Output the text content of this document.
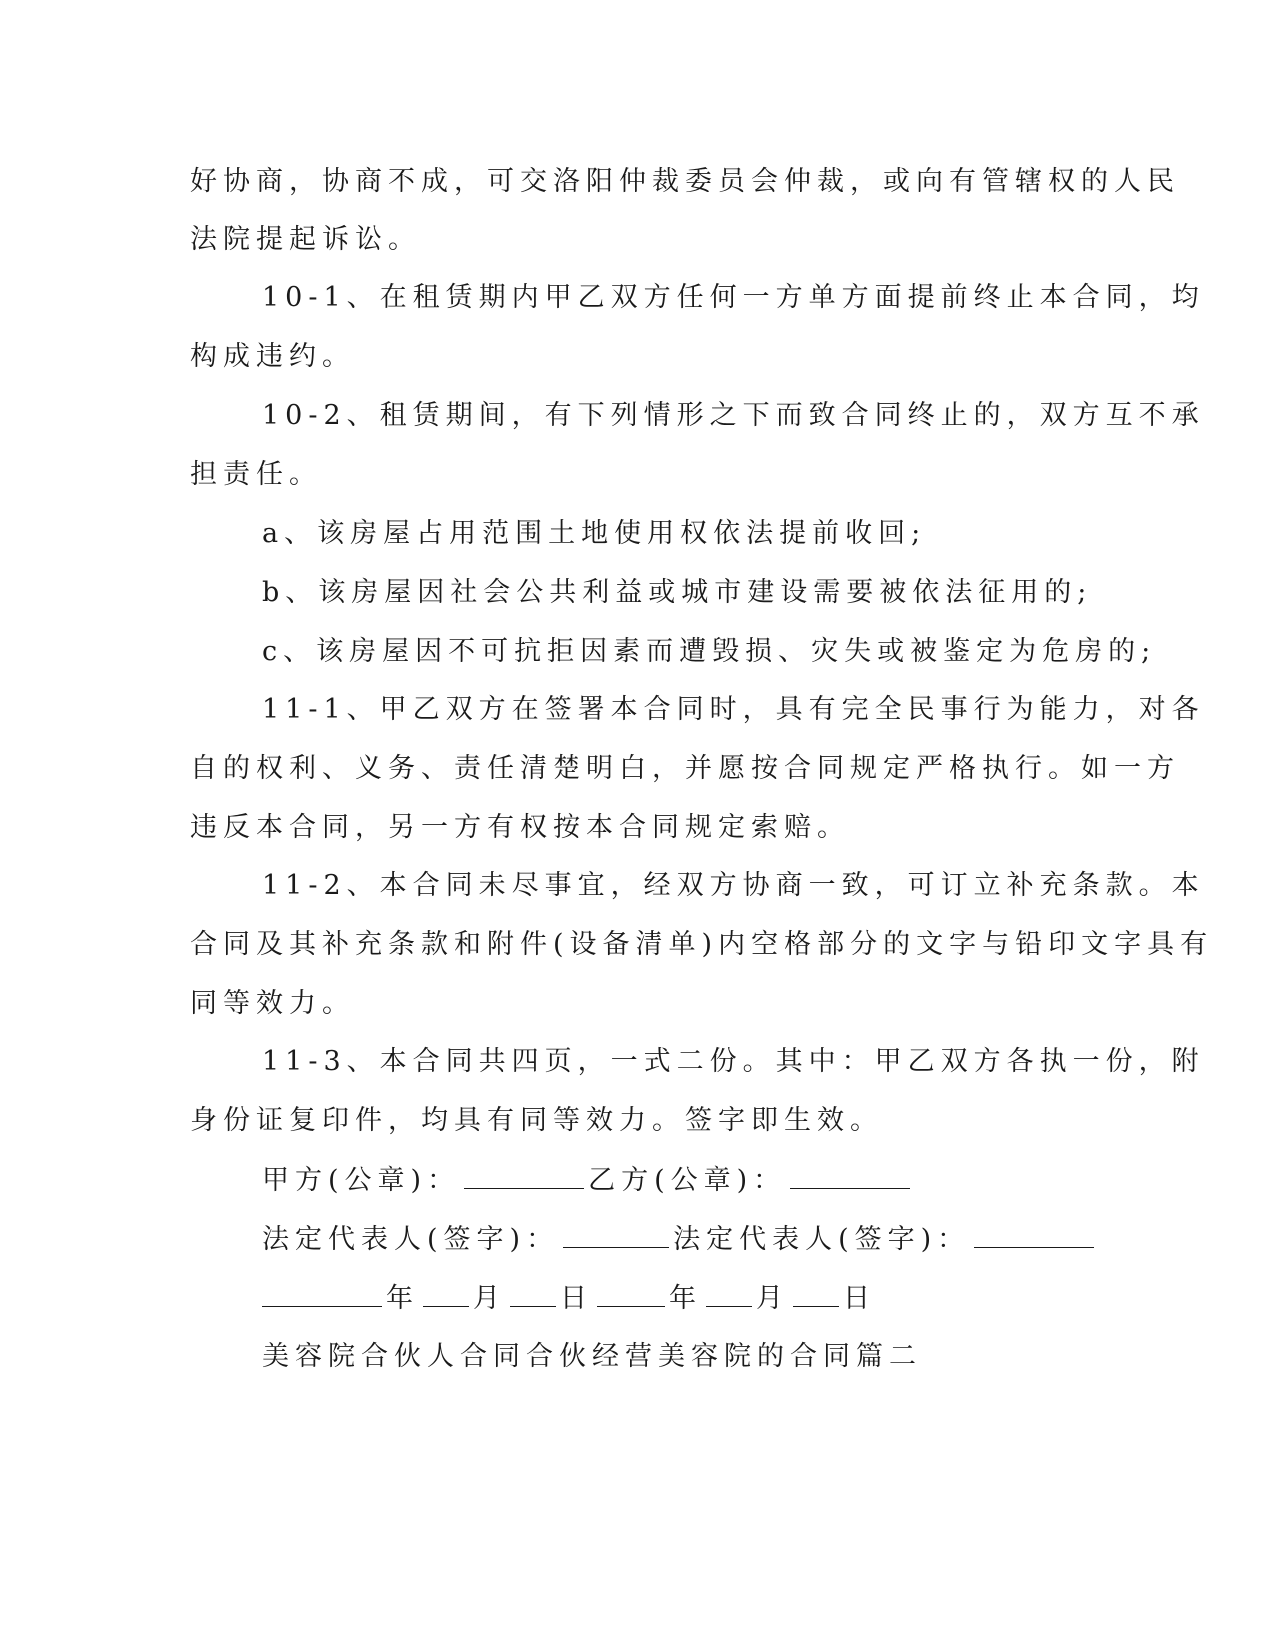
好协商，协商不成，可交洛阳仲裁委员会仲裁，或向有管辖权的人民
法院提起诉讼。
10-1、在租赁期内甲乙双方任何一方单方面提前终止本合同，均
构成违约。
10-2、租赁期间，有下列情形之下而致合同终止的，双方互不承
担责任。
a、该房屋占用范围土地使用权依法提前收回;
b、该房屋因社会公共利益或城市建设需要被依法征用的;
c、该房屋因不可抗拒因素而遭毁损、灾失或被鉴定为危房的;
11-1、甲乙双方在签署本合同时，具有完全民事行为能力，对各
自的权利、义务、责任清楚明白，并愿按合同规定严格执行。如一方
违反本合同，另一方有权按本合同规定索赔。
11-2、本合同未尽事宜，经双方协商一致，可订立补充条款。本
合同及其补充条款和附件(设备清单)内空格部分的文字与铅印文字具有
同等效力。
11-3、本合同共四页，一式二份。其中：甲乙双方各执一份，附
身份证复印件，均具有同等效力。签字即生效。
甲方(公章)：	乙方(公章)：
法定代表人(签字)：	法定代表人(签字)：
年 月 日	年 月 日
美容院合伙人合同合伙经营美容院的合同篇二
